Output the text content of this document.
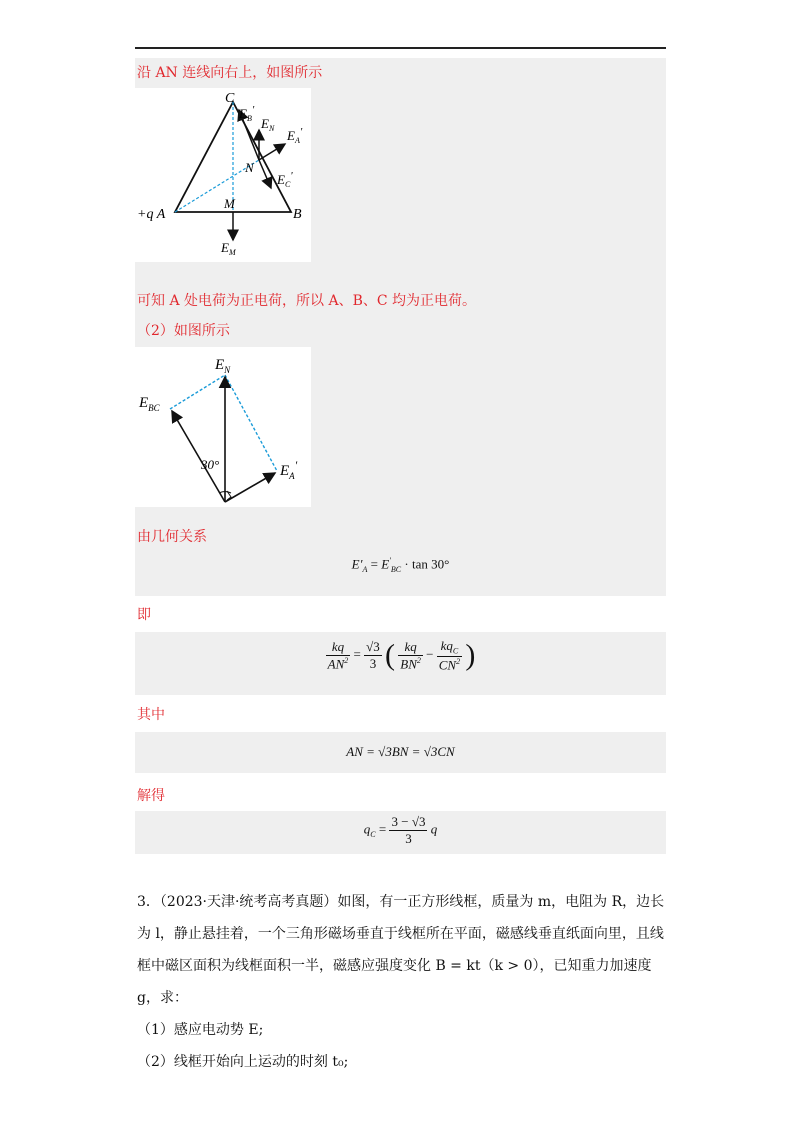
沿 AN 连线向右上，如图所示
C
+q A	B
M
N
$E_B'$
$E_N$ $E_A'$
$E_C'$
$E_M$
可知 A 处电荷为正电荷，所以 A、B、C 均为正电荷。
（2）如图所示
$E_N$
$E_{BC}$
$E_A'$
30°
由几何关系
$E'_A = E'_{BC} \cdot \tan 30^\circ$
即
$\frac{kq}{AN^2} = \frac{√3}{3}$ ( $\frac{kq}{BN^2} - \frac{kq_C}{CN^2}$ )
其中
AN = √3BN = √3CN
解得
$q_C = \frac{3 - √3}{3}$ q

3．（2023·天津·统考高考真题）如图，有一正方形线框，质量为 m，电阻为 R，边长

为 l，静止悬挂着，一个三角形磁场垂直于线框所在平面，磁感线垂直纸面向里，且线

框中磁区面积为线框面积一半，磁感应强度变化 B = kt（k > 0），已知重力加速度

g，求：

（1）感应电动势 E;

（2）线框开始向上运动的时刻 t₀;
